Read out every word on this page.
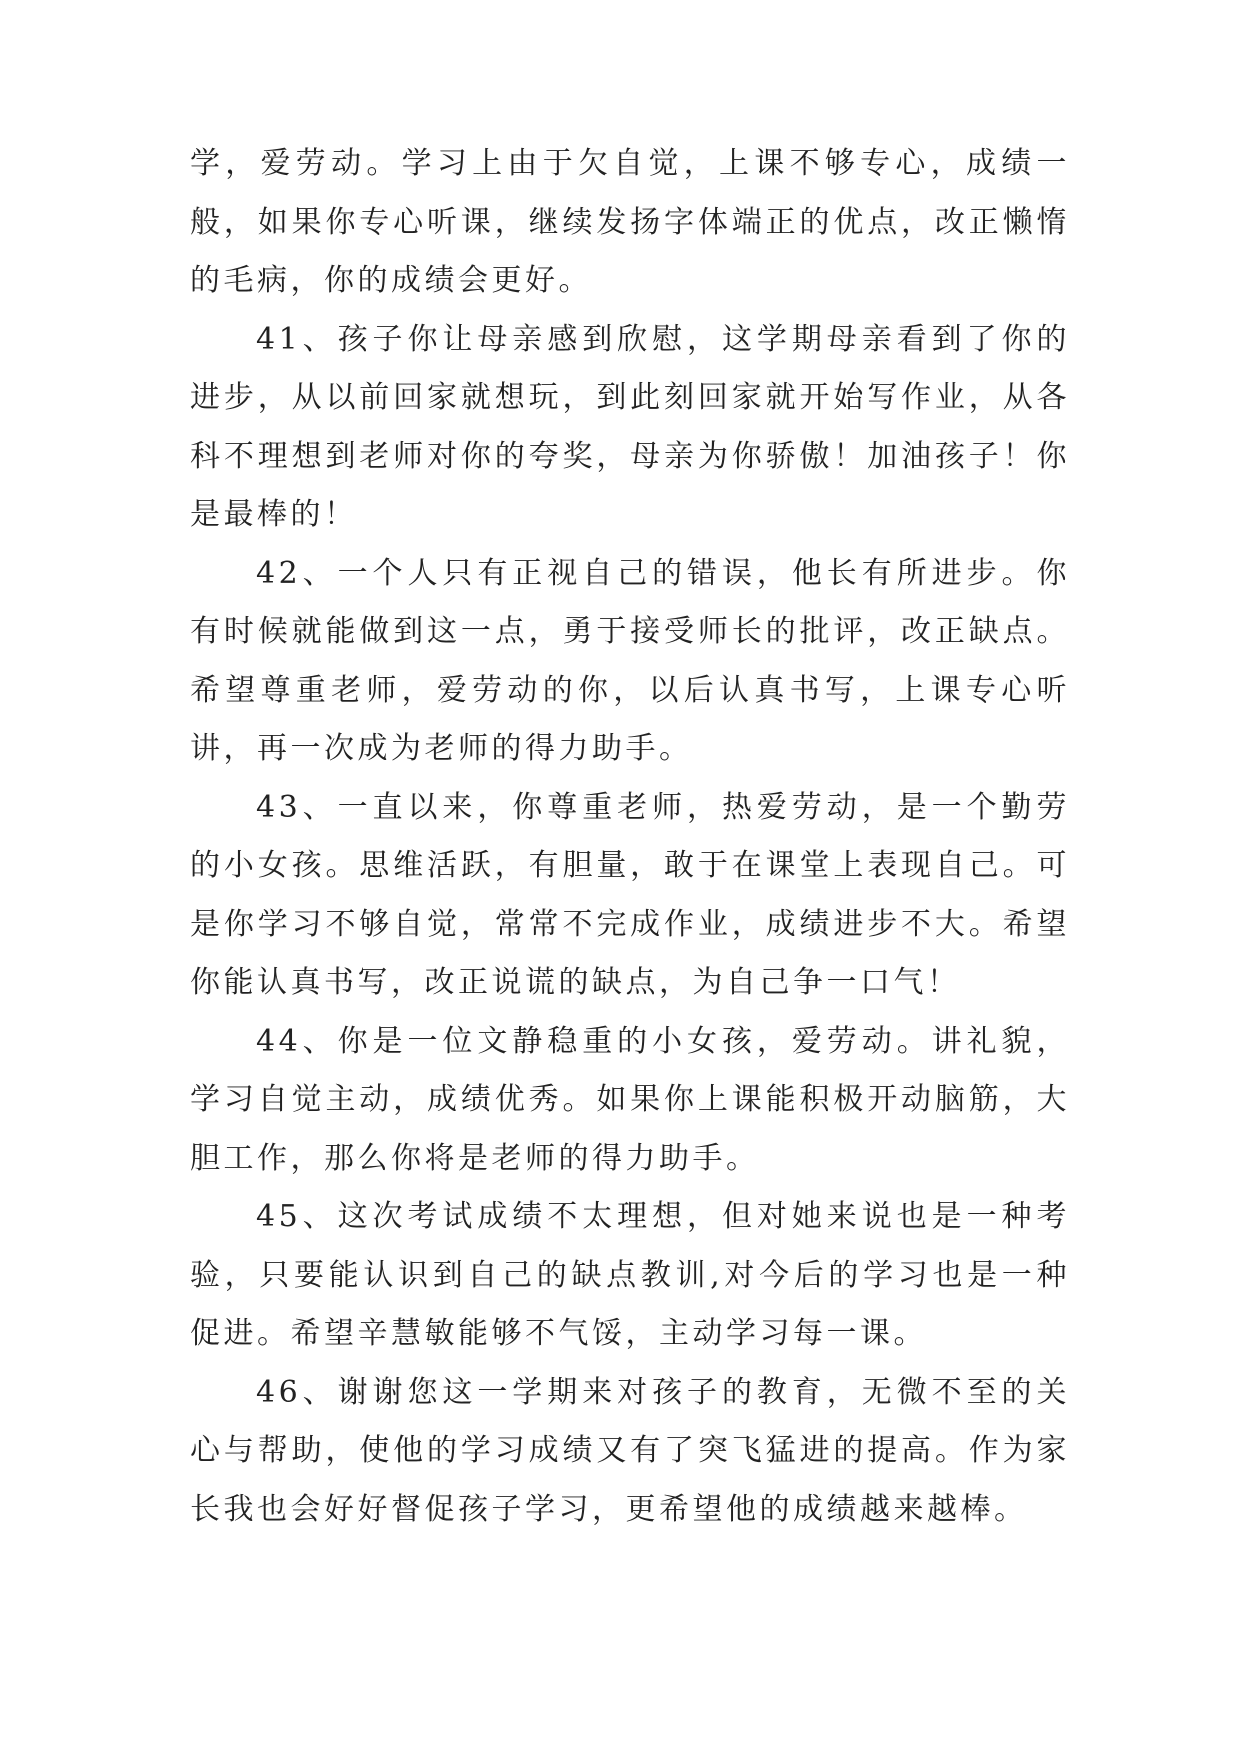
学，爱劳动。学习上由于欠自觉，上课不够专心，成绩一般，如果你专心听课，继续发扬字体端正的优点，改正懒惰的毛病，你的成绩会更好。

41、孩子你让母亲感到欣慰，这学期母亲看到了你的进步，从以前回家就想玩，到此刻回家就开始写作业，从各科不理想到老师对你的夸奖，母亲为你骄傲！加油孩子！你是最棒的！

42、一个人只有正视自己的错误，他长有所进步。你有时候就能做到这一点，勇于接受师长的批评，改正缺点。希望尊重老师，爱劳动的你，以后认真书写，上课专心听讲，再一次成为老师的得力助手。

43、一直以来，你尊重老师，热爱劳动，是一个勤劳的小女孩。思维活跃，有胆量，敢于在课堂上表现自己。可是你学习不够自觉，常常不完成作业，成绩进步不大。希望你能认真书写，改正说谎的缺点，为自己争一口气！

44、你是一位文静稳重的小女孩，爱劳动。讲礼貌，学习自觉主动，成绩优秀。如果你上课能积极开动脑筋，大胆工作，那么你将是老师的得力助手。

45、这次考试成绩不太理想，但对她来说也是一种考验，只要能认识到自己的缺点教训,对今后的学习也是一种促进。希望辛慧敏能够不气馁，主动学习每一课。

46、谢谢您这一学期来对孩子的教育，无微不至的关心与帮助，使他的学习成绩又有了突飞猛进的提高。作为家长我也会好好督促孩子学习，更希望他的成绩越来越棒。
